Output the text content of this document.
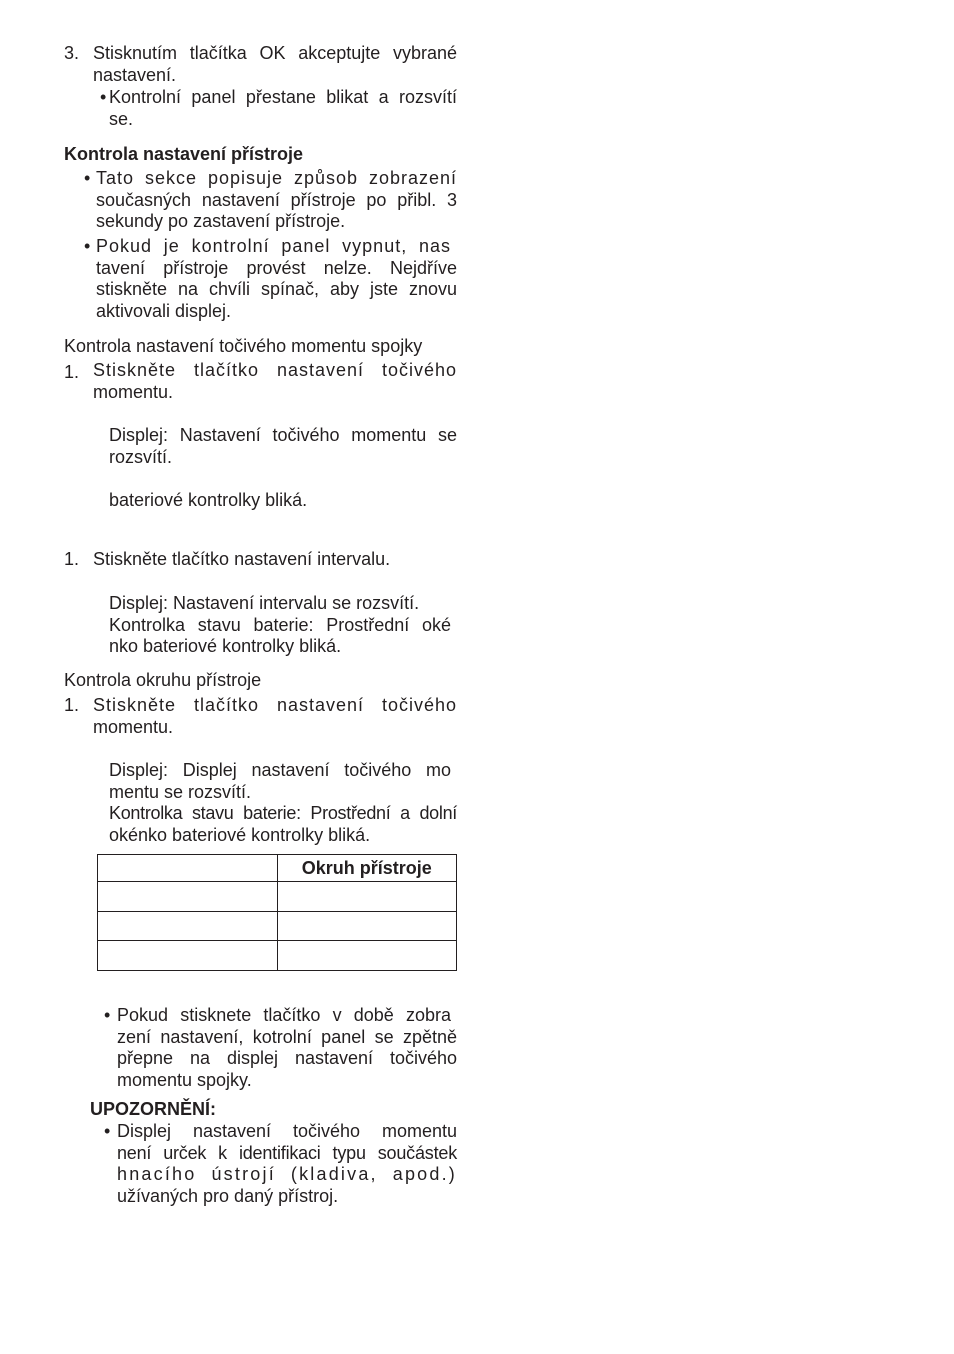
3. Stisknutím tlačítka OK akceptujte vybrané
nastavení.
• Kontrolní panel přestane blikat a rozsvítí
se.
Kontrola nastavení přístroje
• Tato sekce popisuje způsob zobrazení
současných nastavení přístroje po přibl. 3
sekundy po zastavení přístroje.
• Pokud je kontrolní panel vypnut, nas
tavení přístroje provést nelze. Nejdříve
stiskněte na chvíli spínač, aby jste znovu
aktivovali displej.
Kontrola nastavení točivého momentu spojky
1. Stiskněte tlačítko nastavení točivého
momentu.
Displej: Nastavení točivého momentu se
rozsvítí.
bateriové kontrolky bliká.
1. Stiskněte tlačítko nastavení intervalu.
Displej: Nastavení intervalu se rozsvítí.
Kontrolka stavu baterie: Prostřední oké
nko bateriové kontrolky bliká.
Kontrola okruhu přístroje
1. Stiskněte tlačítko nastavení točivého
momentu.
Displej: Displej nastavení točivého mo
mentu se rozsvítí.
Kontrolka stavu baterie: Prostřední a dolní
okénko bateriové kontrolky bliká.
	Okruh přístroje

• Pokud stisknete tlačítko v době zobra
zení nastavení, kotrolní panel se zpětně
přepne na displej nastavení točivého
momentu spojky.
UPOZORNĚNÍ:
• Displej nastavení točivého momentu
není urček k identifikaci typu součástek
hnacího ústrojí (kladiva, apod.)
užívaných pro daný přístroj.
